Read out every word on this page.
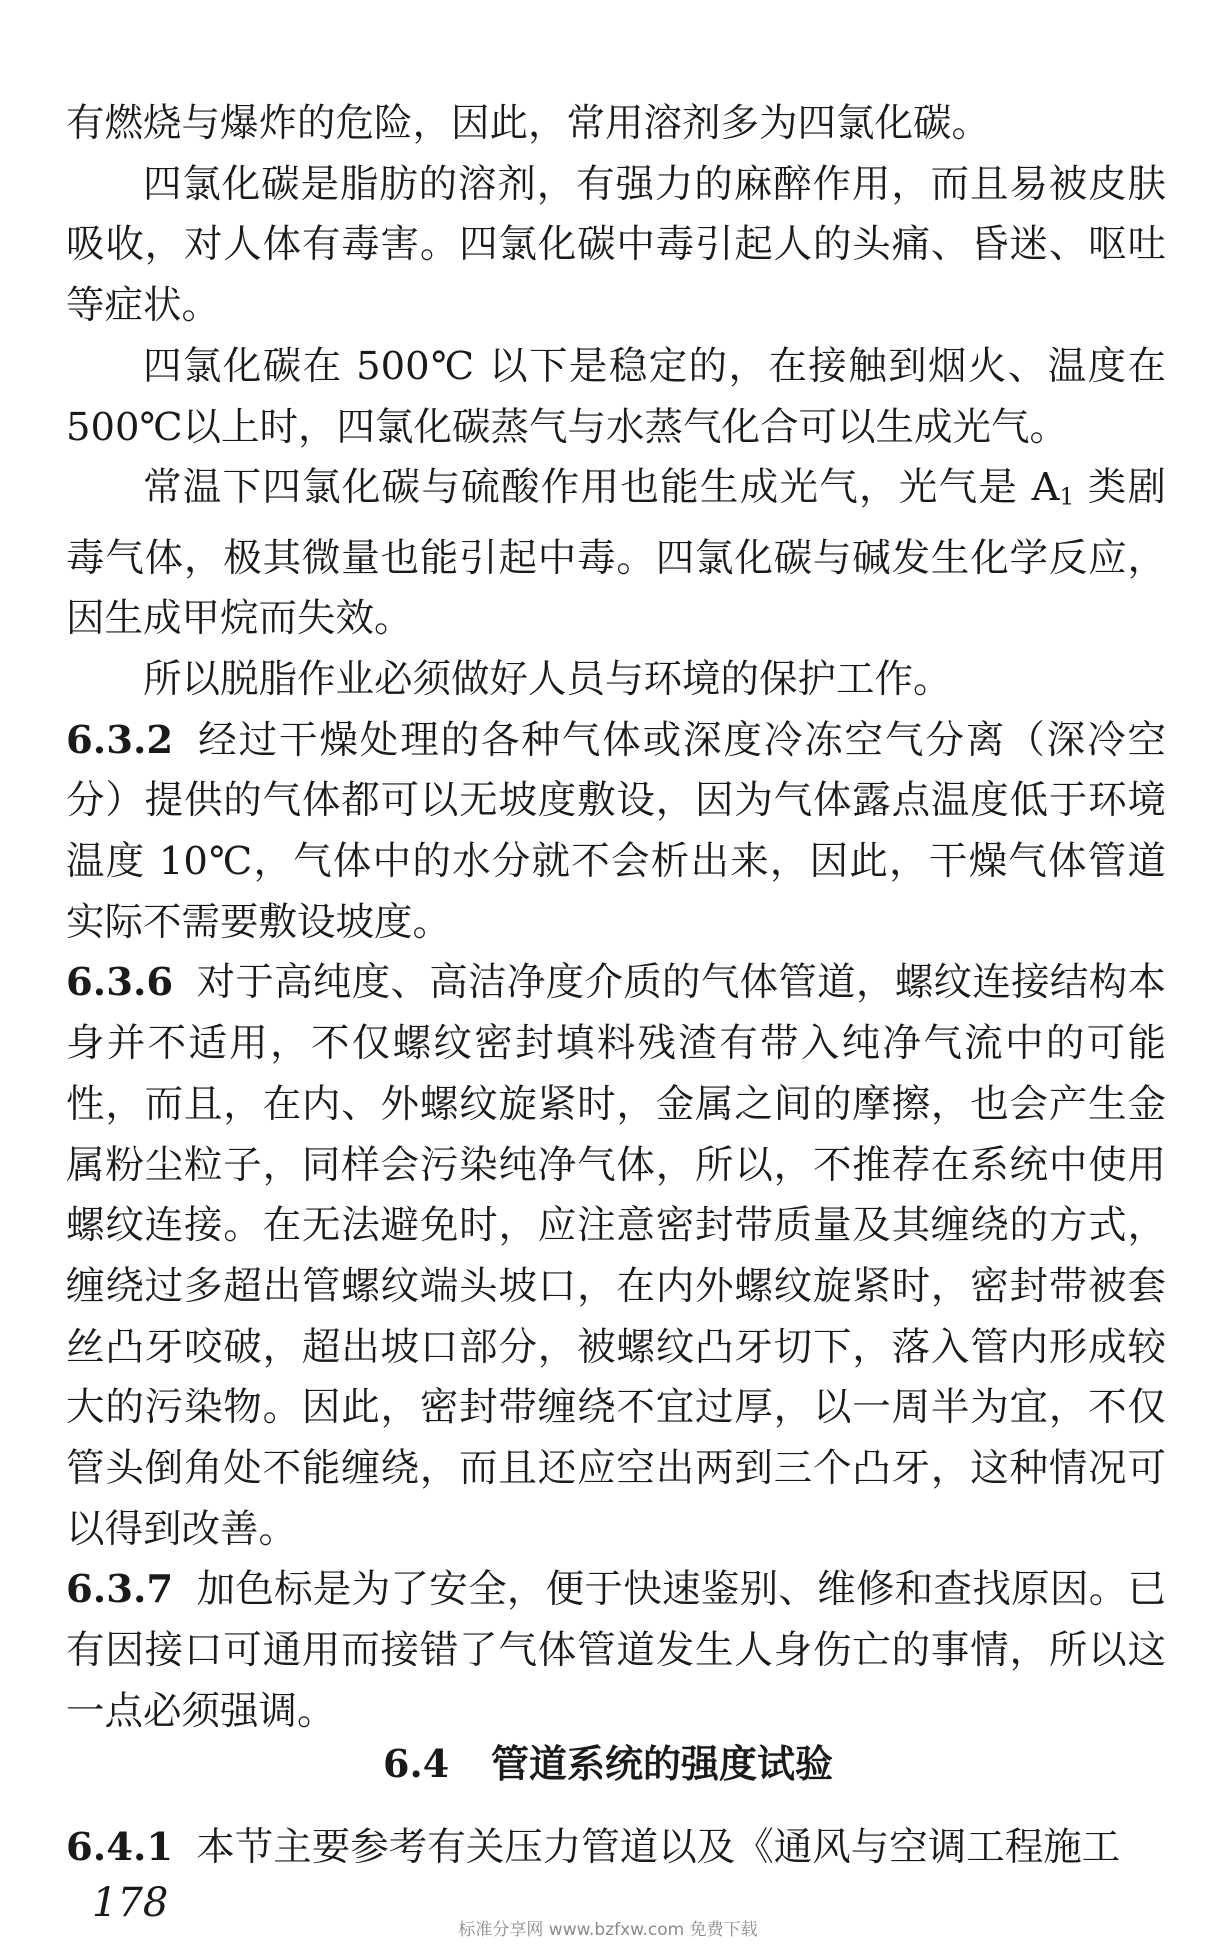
有燃烧与爆炸的危险，因此，常用溶剂多为四氯化碳。

四氯化碳是脂肪的溶剂，有强力的麻醉作用，而且易被皮肤吸收，对人体有毒害。四氯化碳中毒引起人的头痛、昏迷、呕吐等症状。

四氯化碳在 500℃ 以下是稳定的，在接触到烟火、温度在500℃以上时，四氯化碳蒸气与水蒸气化合可以生成光气。

常温下四氯化碳与硫酸作用也能生成光气，光气是 $A_1$ 类剧毒气体，极其微量也能引起中毒。四氯化碳与碱发生化学反应，因生成甲烷而失效。

所以脱脂作业必须做好人员与环境的保护工作。

6.3.2 经过干燥处理的各种气体或深度冷冻空气分离（深冷空分）提供的气体都可以无坡度敷设，因为气体露点温度低于环境温度 10℃，气体中的水分就不会析出来，因此，干燥气体管道实际不需要敷设坡度。

6.3.6 对于高纯度、高洁净度介质的气体管道，螺纹连接结构本身并不适用，不仅螺纹密封填料残渣有带入纯净气流中的可能性，而且，在内、外螺纹旋紧时，金属之间的摩擦，也会产生金属粉尘粒子，同样会污染纯净气体，所以，不推荐在系统中使用螺纹连接。在无法避免时，应注意密封带质量及其缠绕的方式，缠绕过多超出管螺纹端头坡口，在内外螺纹旋紧时，密封带被套丝凸牙咬破，超出坡口部分，被螺纹凸牙切下，落入管内形成较大的污染物。因此，密封带缠绕不宜过厚，以一周半为宜，不仅管头倒角处不能缠绕，而且还应空出两到三个凸牙，这种情况可以得到改善。

6.3.7 加色标是为了安全，便于快速鉴别、维修和查找原因。已有因接口可通用而接错了气体管道发生人身伤亡的事情，所以这一点必须强调。

6.4 管道系统的强度试验
6.4.1 本节主要参考有关压力管道以及《通风与空调工程施工
178
标准分享网 www.bzfxw.com 免费下载
